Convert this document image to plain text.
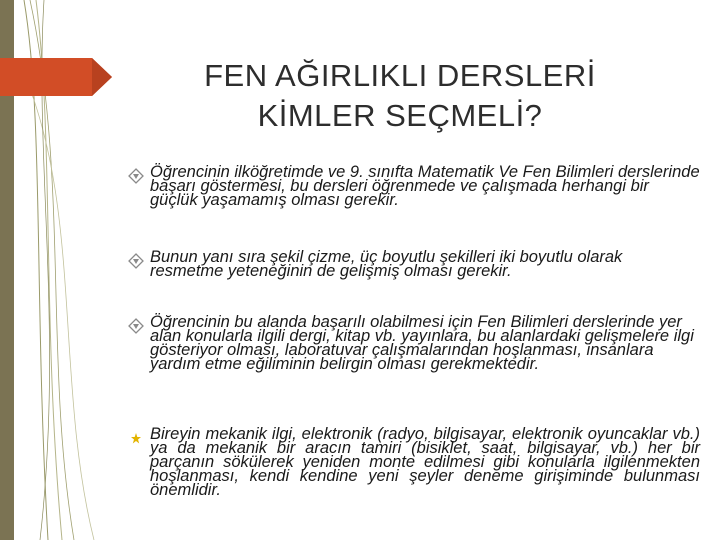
FEN AĞIRLIKLI DERSLERİ
KİMLER SEÇMELİ?
Öğrencinin ilköğretimde ve 9. sınıfta Matematik Ve Fen Bilimleri derslerinde başarı göstermesi, bu dersleri öğrenmede ve çalışmada herhangi bir güçlük yaşamamış olması gerekir.
Bunun yanı sıra şekil çizme, üç boyutlu şekilleri iki boyutlu olarak resmetme yeteneğinin de gelişmiş olması gerekir.
Öğrencinin bu alanda başarılı olabilmesi için Fen Bilimleri derslerinde yer alan konularla ilgili dergi, kitap vb. yayınlara, bu alanlardaki gelişmelere ilgi gösteriyor olması, laboratuvar çalışmalarından hoşlanması, insanlara yardım etme eğiliminin belirgin olması gerekmektedir.
Bireyin mekanik ilgi, elektronik (radyo, bilgisayar, elektronik oyuncaklar vb.) ya da mekanik bir aracın tamiri (bisiklet, saat, bilgisayar, vb.) her bir parçanın sökülerek yeniden monte edilmesi gibi konularla ilgilenmekten hoşlanması, kendi kendine yeni şeyler deneme girişiminde bulunması önemlidir.
